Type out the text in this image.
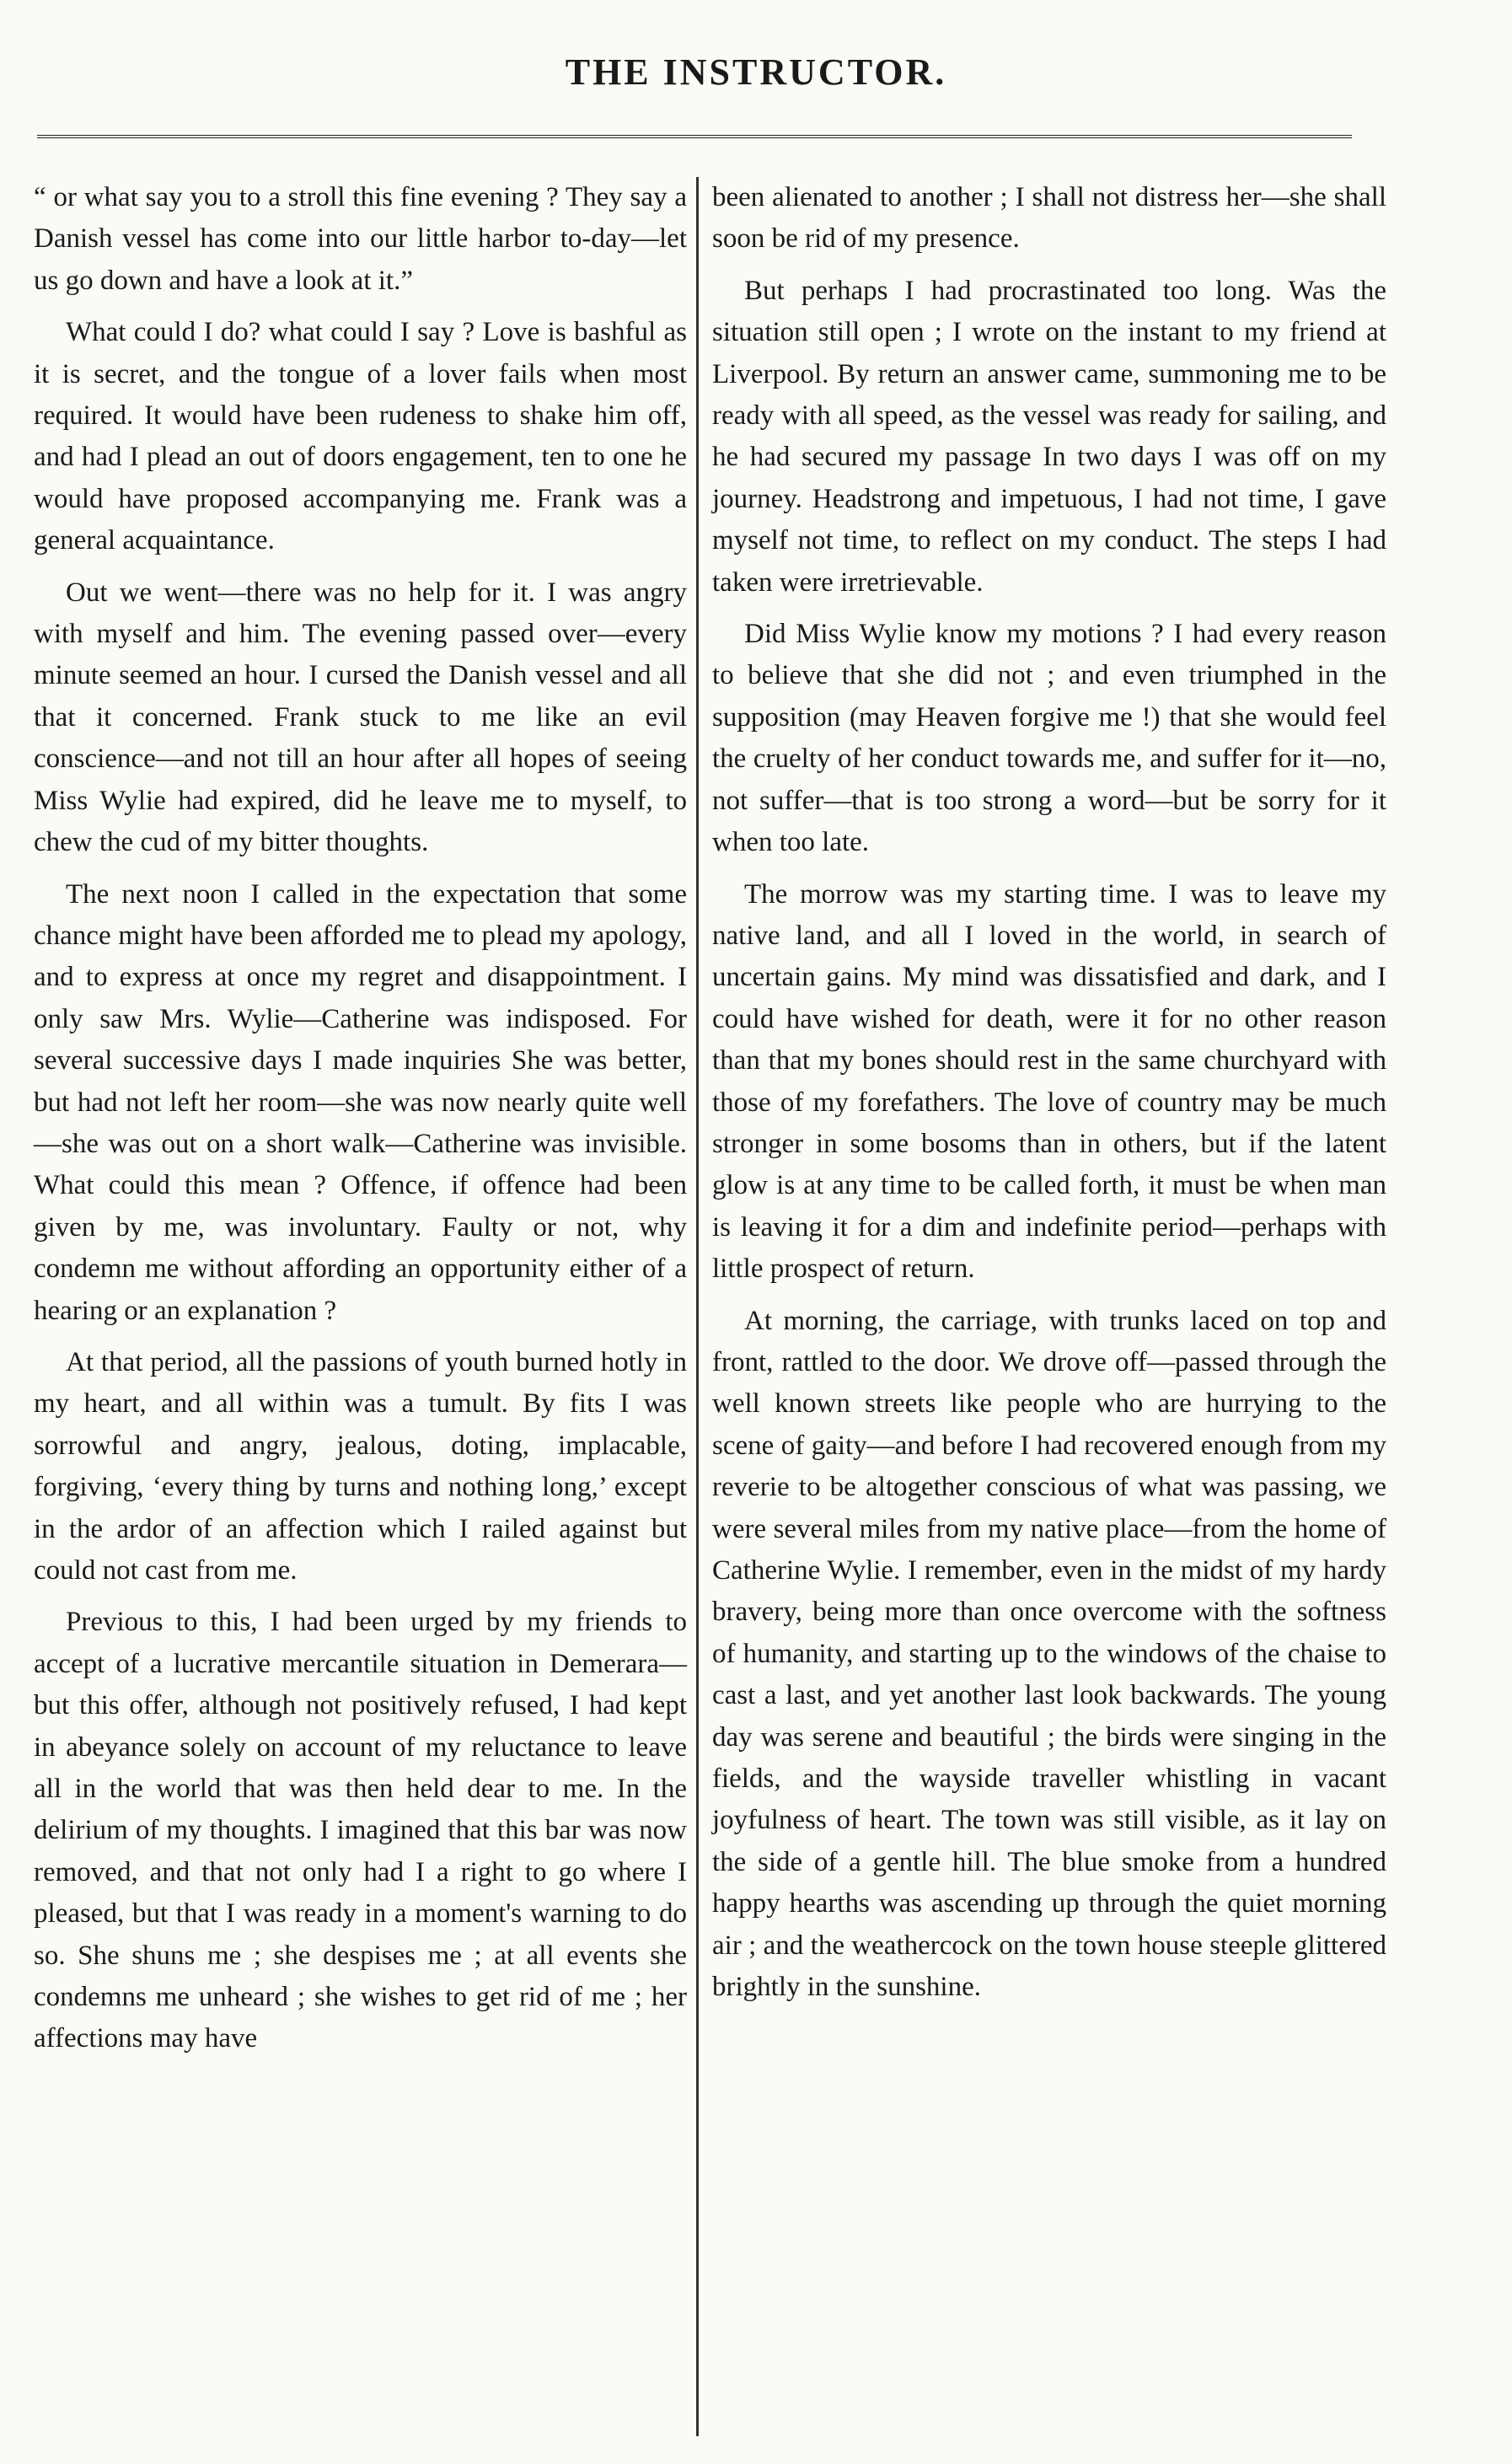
THE INSTRUCTOR.

“ or what say you to a stroll this fine evening ? They say a Danish vessel has come into our little harbor to-day—let us go down and have a look at it.”

What could I do? what could I say ? Love is bashful as it is secret, and the tongue of a lover fails when most required. It would have been rudeness to shake him off, and had I plead an out of doors engagement, ten to one he would have proposed accompanying me. Frank was a general acquaintance.

Out we went—there was no help for it. I was angry with myself and him. The evening passed over—every minute seemed an hour. I cursed the Danish vessel and all that it concerned. Frank stuck to me like an evil conscience—and not till an hour after all hopes of seeing Miss Wylie had expired, did he leave me to myself, to chew the cud of my bitter thoughts.

The next noon I called in the expectation that some chance might have been afforded me to plead my apology, and to express at once my regret and disappointment. I only saw Mrs. Wylie—Catherine was indisposed. For several successive days I made inquiries She was better, but had not left her room—she was now nearly quite well—she was out on a short walk—Catherine was invisible. What could this mean ? Offence, if offence had been given by me, was involuntary. Faulty or not, why condemn me without affording an opportunity either of a hearing or an explanation ?

At that period, all the passions of youth burned hotly in my heart, and all within was a tumult. By fits I was sorrowful and angry, jealous, doting, implacable, forgiving, ‘every thing by turns and nothing long,’ except in the ardor of an affection which I railed against but could not cast from me.

Previous to this, I had been urged by my friends to accept of a lucrative mercantile situation in Demerara—but this offer, although not positively refused, I had kept in abeyance solely on account of my reluctance to leave all in the world that was then held dear to me. In the delirium of my thoughts. I imagined that this bar was now removed, and that not only had I a right to go where I pleased, but that I was ready in a moment's warning to do so. She shuns me ; she despises me ; at all events she condemns me unheard ; she wishes to get rid of me ; her affections may have

been alienated to another ; I shall not distress her—she shall soon be rid of my presence.

But perhaps I had procrastinated too long. Was the situation still open ; I wrote on the instant to my friend at Liverpool. By return an answer came, summoning me to be ready with all speed, as the vessel was ready for sailing, and he had secured my passage In two days I was off on my journey. Headstrong and impetuous, I had not time, I gave myself not time, to reflect on my conduct. The steps I had taken were irretrievable.

Did Miss Wylie know my motions ? I had every reason to believe that she did not ; and even triumphed in the supposition (may Heaven forgive me !) that she would feel the cruelty of her conduct towards me, and suffer for it—no, not suffer—that is too strong a word—but be sorry for it when too late.

The morrow was my starting time. I was to leave my native land, and all I loved in the world, in search of uncertain gains. My mind was dissatisfied and dark, and I could have wished for death, were it for no other reason than that my bones should rest in the same churchyard with those of my forefathers. The love of country may be much stronger in some bosoms than in others, but if the latent glow is at any time to be called forth, it must be when man is leaving it for a dim and indefinite period—perhaps with little prospect of return.

At morning, the carriage, with trunks laced on top and front, rattled to the door. We drove off—passed through the well known streets like people who are hurrying to the scene of gaity—and before I had recovered enough from my reverie to be altogether conscious of what was passing, we were several miles from my native place—from the home of Catherine Wylie. I remember, even in the midst of my hardy bravery, being more than once overcome with the softness of humanity, and starting up to the windows of the chaise to cast a last, and yet another last look backwards. The young day was serene and beautiful ; the birds were singing in the fields, and the wayside traveller whistling in vacant joyfulness of heart. The town was still visible, as it lay on the side of a gentle hill. The blue smoke from a hundred happy hearths was ascending up through the quiet morning air ; and the weathercock on the town house steeple glittered brightly in the sunshine.
